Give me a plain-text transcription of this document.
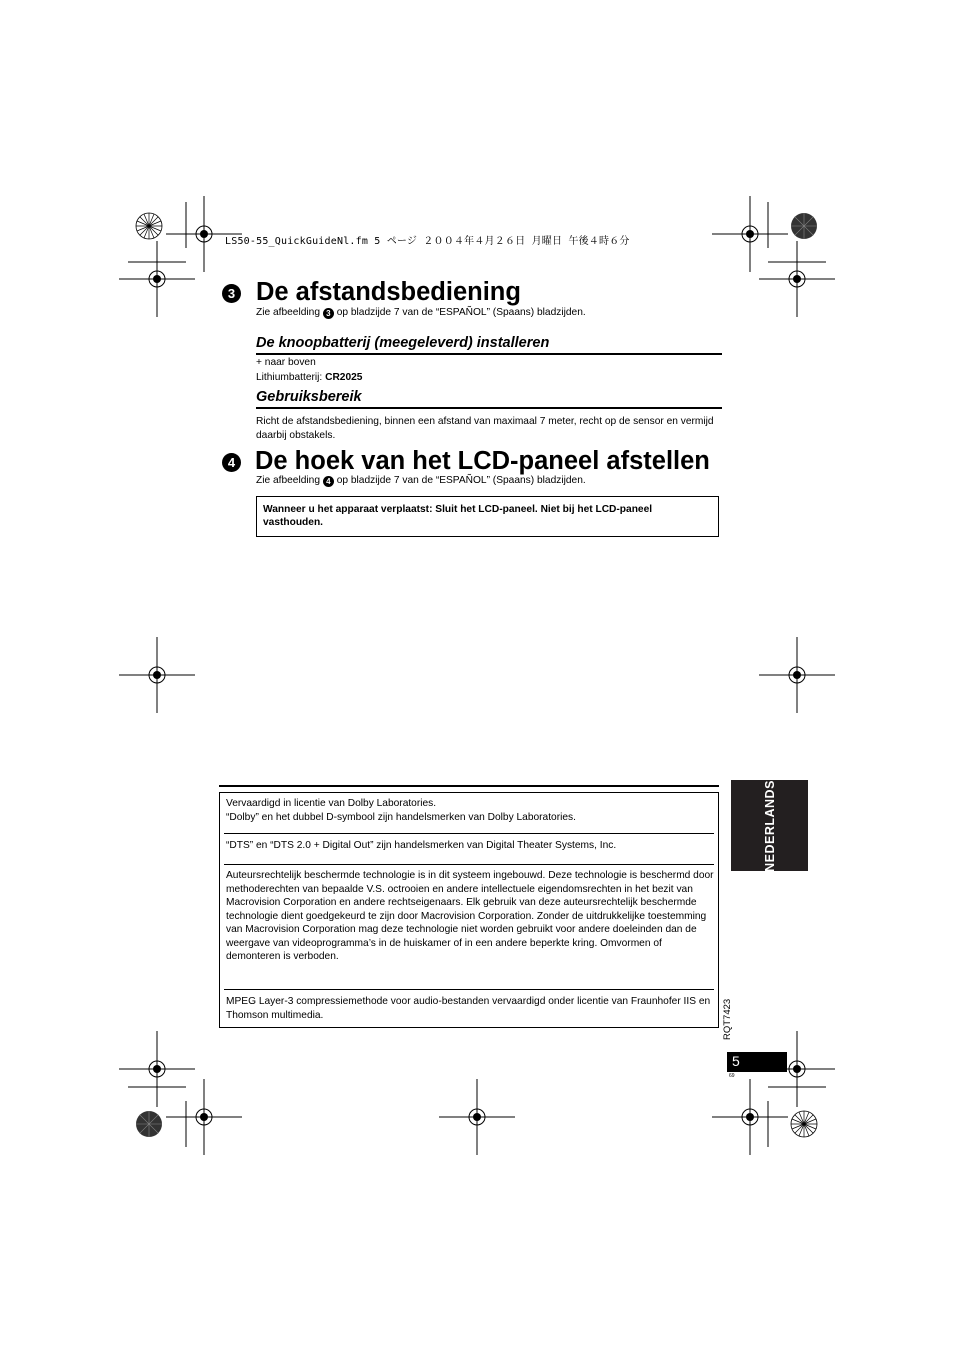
LS50-55_QuickGuideNl.fm 5 ページ ２００４年４月２６日 月曜日 午後４時６分
3 De afstandsbediening
Zie afbeelding 3 op bladzijde 7 van de “ESPAÑOL” (Spaans) bladzijden.
De knoopbatterij (meegeleverd) installeren
+ naar boven
Lithiumbatterij: CR2025
Gebruiksbereik
Richt de afstandsbediening, binnen een afstand van maximaal 7 meter, recht op de sensor en vermijd daarbij obstakels.
4 De hoek van het LCD-paneel afstellen
Zie afbeelding 4 op bladzijde 7 van de “ESPAÑOL” (Spaans) bladzijden.
Wanneer u het apparaat verplaatst: Sluit het LCD-paneel. Niet bij het LCD-paneel vasthouden.
Vervaardigd in licentie van Dolby Laboratories.
“Dolby” en het dubbel D-symbool zijn handelsmerken van Dolby Laboratories.
“DTS” en “DTS 2.0 + Digital Out” zijn handelsmerken van Digital Theater Systems, Inc.
Auteursrechtelijk beschermde technologie is in dit systeem ingebouwd. Deze technologie is beschermd door methoderechten van bepaalde V.S. octrooien en andere intellectuele eigendomsrechten in het bezit van Macrovision Corporation en andere rechtseigenaars. Elk gebruik van deze auteursrechtelijk beschermde technologie dient goedgekeurd te zijn door Macrovision Corporation. Zonder de uitdrukkelijke toestemming van Macrovision Corporation mag deze technologie niet worden gebruikt voor andere doeleinden dan de weergave van videoprogramma’s in de huiskamer of in een andere beperkte kring. Omvormen of demonteren is verboden.
MPEG Layer-3 compressiemethode voor audio-bestanden vervaardigd onder licentie van Fraunhofer IIS en Thomson multimedia.
NEDERLANDS
RQT7423
5
69
